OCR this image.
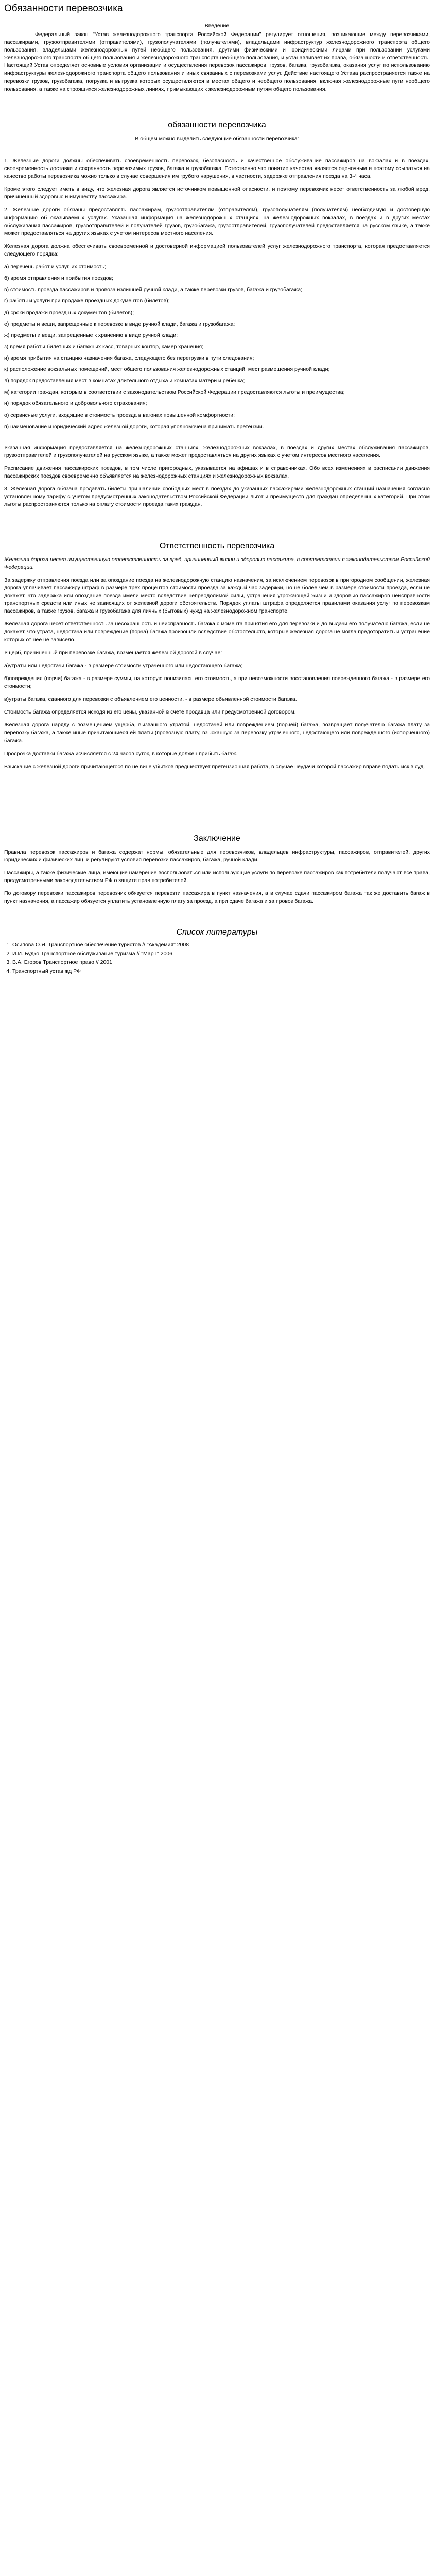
Обязанности перевозчика
Введение

Федеральный закон "Устав железнодорожного транспорта Российской Федерации" регулирует отношения, возникающие между перевозчиками, пассажирами, грузоотправителями (отправителями), грузополучателями (получателями), владельцами инфраструктур железнодорожного транспорта общего пользования, владельцами железнодорожных путей необщего пользования, другими физическими и юридическими лицами при пользовании услугами железнодорожного транспорта общего пользования и железнодорожного транспорта необщего пользования, и устанавливает их права, обязанности и ответственность. Настоящий Устав определяет основные условия организации и осуществления перевозок пассажиров, грузов, багажа, грузобагажа, оказания услуг по использованию инфраструктуры железнодорожного транспорта общего пользования и иных связанных с перевозками услуг. Действие настоящего Устава распространяется также на перевозки грузов, грузобагажа, погрузка и выгрузка которых осуществляются в местах общего и необщего пользования, включая железнодорожные пути необщего пользования, а также на строящихся железнодорожных линиях, примыкающих к железнодорожным путям общего пользования.

обязанности перевозчика
В общем можно выделить следующие обязанности перевозчика:

1. Железные дороги должны обеспечивать своевременность перевозок, безопасность и качественное обслуживание пассажиров на вокзалах и в поездах, своевременность доставки и сохранность перевозимых грузов, багажа и грузобагажа. Естественно что понятие качества является оценочным и поэтому ссылаться на качество работы перевозчика можно только в случае совершения им грубого нарушения, в частности, задержке отправления поезда на 3-4 часа.

Кроме этого следует иметь в виду, что железная дорога является источником повышенной опасности, и поэтому перевозчик несет ответственность за любой вред, причиненный здоровью и имуществу пассажира.

2. Железные дороги обязаны предоставлять пассажирам, грузоотправителям (отправителям), грузополучателям (получателям) необходимую и достоверную информацию об оказываемых услугах. Указанная информация на железнодорожных станциях, на железнодорожных вокзалах, в поездах и в других местах обслуживания пассажиров, грузоотправителей и получателей грузов, грузобагажа, грузоотправителей, грузополучателей предоставляется на русском языке, а также может предоставляться на других языках с учетом интересов местного населения.

Железная дорога должна обеспечивать своевременной и достоверной информацией пользователей услуг железнодорожного транспорта, которая предоставляется следующего порядка:

а) перечень работ и услуг, их стоимость;

б) время отправления и прибытия поездов;

в) стоимость проезда пассажиров и провоза излишней ручной клади, а также перевозки грузов, багажа и грузобагажа;

г) работы и услуги при продаже проездных документов (билетов);

д) сроки продажи проездных документов (билетов);

е) предметы и вещи, запрещенные к перевозке в виде ручной клади, багажа и грузобагажа;

ж) предметы и вещи, запрещенные к хранению в виде ручной клади;

з) время работы билетных и багажных касс, товарных контор, камер хранения;

и) время прибытия на станцию назначения багажа, следующего без перегрузки в пути следования;

к) расположение вокзальных помещений, мест общего пользования железнодорожных станций, мест размещения ручной клади;

л) порядок предоставления мест в комнатах длительного отдыха и комнатах матери и ребенка;

м) категории граждан, которым в соответствии с законодательством Российской Федерации предоставляются льготы и преимущества;

н) порядок обязательного и добровольного страхования;

о) сервисные услуги, входящие в стоимость проезда в вагонах повышенной комфортности;

п) наименование и юридический адрес железной дороги, которая уполномочена принимать претензии.

Указанная информация предоставляется на железнодорожных станциях, железнодорожных вокзалах, в поездах и других местах обслуживания пассажиров, грузоотправителей и грузополучателей на русском языке, а также может предоставляться на других языках с учетом интересов местного населения.

Расписание движения пассажирских поездов, в том числе пригородных, указывается на афишах и в справочниках. Обо всех изменениях в расписании движения пассажирских поездов своевременно объявляется на железнодорожных станциях и железнодорожных вокзалах.

3. Железная дорога обязана продавать билеты при наличии свободных мест в поездах до указанных пассажирами железнодорожных станций назначения согласно установленному тарифу с учетом предусмотренных законодательством Российской Федерации льгот и преимуществ для граждан определенных категорий. При этом льготы распространяются только на оплату стоимости проезда таких граждан.

Ответственность перевозчика

Железная дорога несет имущественную ответственность за вред, причиненный жизни и здоровью пассажира, в соответствии с законодательством Российской Федерации.

За задержку отправления поезда или за опоздание поезда на железнодорожную станцию назначения, за исключением перевозок в пригородном сообщении, железная дорога уплачивает пассажиру штраф в размере трех процентов стоимости проезда за каждый час задержки, но не более чем в размере стоимости проезда, если не докажет, что задержка или опоздание поезда имели место вследствие непреодолимой силы, устранения угрожающей жизни и здоровью пассажиров неисправности транспортных средств или иных не зависящих от железной дороги обстоятельств. Порядок уплаты штрафа определяется правилами оказания услуг по перевозкам пассажиров, а также грузов, багажа и грузобагажа для личных (бытовых) нужд на железнодорожном транспорте.

Железная дорога несет ответственность за несохранность и неисправность багажа с момента принятия его для перевозки и до выдачи его получателю багажа, если не докажет, что утрата, недостача или повреждение (порча) багажа произошли вследствие обстоятельств, которые железная дорога не могла предотвратить и устранение которых от нее не зависело.

Ущерб, причиненный при перевозке багажа, возмещается железной дорогой в случае:

а)утраты или недостачи багажа - в размере стоимости утраченного или недостающего багажа;

б)повреждения (порчи) багажа - в размере суммы, на которую понизилась его стоимость, а при невозможности восстановления поврежденного багажа - в размере его стоимости;

в)утраты багажа, сданного для перевозки с объявлением его ценности, - в размере объявленной стоимости багажа.

Стоимость багажа определяется исходя из его цены, указанной в счете продавца или предусмотренной договором.

Железная дорога наряду с возмещением ущерба, вызванного утратой, недостачей или повреждением (порчей) багажа, возвращает получателю багажа плату за перевозку багажа, а также иные причитающиеся ей платы (провозную плату, взысканную за перевозку утраченного, недостающего или поврежденного (испорченного) багажа.

Просрочка доставки багажа исчисляется с 24 часов суток, в которые должен прибыть багаж.

Взыскание с железной дороги причитающегося по не вине убытков предшествует претензионная работа, в случае неудачи которой пассажир вправе подать иск в суд.

Заключение

Правила перевозок пассажиров и багажа содержат нормы, обязательные для перевозчиков, владельцев инфраструктуры, пассажиров, отправителей, других юридических и физических лиц, и регулируют условия перевозки пассажиров, багажа, ручной клади.

Пассажиры, а также физические лица, имеющие намерение воспользоваться или использующие услуги по перевозке пассажиров как потребители получают все права, предусмотренными законодательством РФ о защите прав потребителей.

По договору перевозки пассажиров перевозчик обязуется перевезти пассажира в пункт назначения, а в случае сдачи пассажиром багажа так же доставить багаж в пункт назначения, а пассажир обязуется уплатить установленную плату за проезд, а при сдаче багажа и за провоз багажа.

Список литературы
1. Осипова О.Я. Транспортное обеспечение туристов // "Академия" 2008
2. И.И. Будко Транспортное обслуживание туризма // "МарТ" 2006
3. В.А. Егоров Транспортное право // 2001
4. Транспортный устав жд РФ
